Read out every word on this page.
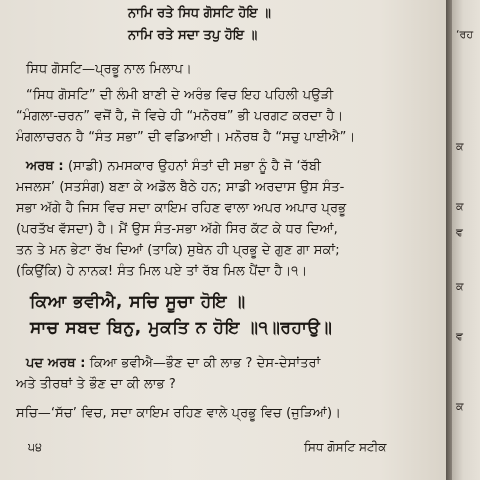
ਨਾਮਿ ਰਤੇ ਸਿਧ ਗੋਸਟਿ ਹੋਇ ॥
ਨਾਮਿ ਰਤੇ ਸਦਾ ਤਪੁ ਹੋਇ ॥
ਸਿਧ ਗੋਸਟਿ—ਪ੍ਰਭੂ ਨਾਲ ਮਿਲਾਪ।
“ਸਿਧ ਗੋਸਟਿ” ਦੀ ਲੰਮੀ ਬਾਣੀ ਦੇ ਅਰੰਭ ਵਿਚ ਇਹ ਪਹਿਲੀ ਪਉੜੀ
“ਮੰਗਲਾ-ਚਰਨ” ਵਜੋਂ ਹੈ, ਜੋ ਵਿਚੇ ਹੀ “ਮਨੋਰਥ” ਭੀ ਪਰਗਟ ਕਰਦਾ ਹੈ।
ਮੰਗਲਾਚਰਨ ਹੈ “ਸੰਤ ਸਭਾ” ਦੀ ਵਡਿਆਈ। ਮਨੋਰਥ ਹੈ “ਸਚੁ ਪਾਈਐ”।
ਅਰਥ : (ਸਾਡੀ) ਨਮਸਕਾਰ ਉਹਨਾਂ ਸੰਤਾਂ ਦੀ ਸਭਾ ਨੂੰ ਹੈ ਜੋ ‘ਰੱਬੀ
ਮਜਲਸ’ (ਸਤਸੰਗ) ਬਣਾ ਕੇ ਅਡੋਲ ਬੈਠੇ ਹਨ; ਸਾਡੀ ਅਰਦਾਸ ਉਸ ਸੰਤ-
ਸਭਾ ਅੱਗੇ ਹੈ ਜਿਸ ਵਿਚ ਸਦਾ ਕਾਇਮ ਰਹਿਣ ਵਾਲਾ ਅਪਰ ਅਪਾਰ ਪ੍ਰਭੂ
(ਪਰਤੱਖ ਵੱਸਦਾ) ਹੈ। ਮੈਂ ਉਸ ਸੰਤ-ਸਭਾ ਅੱਗੇ ਸਿਰ ਕੱਟ ਕੇ ਧਰ ਦਿਆਂ,
ਤਨ ਤੇ ਮਨ ਭੇਟਾ ਰੱਖ ਦਿਆਂ (ਤਾਕਿ) ਸੁਥੇਨ ਹੀ ਪ੍ਰਭੂ ਦੇ ਗੁਣ ਗਾ ਸਕਾਂ;
(ਕਿਉਂਕਿ) ਹੇ ਨਾਨਕ! ਸੰਤ ਮਿਲ ਪਏ ਤਾਂ ਰੱਬ ਮਿਲ ਪੈਂਦਾ ਹੈ।੧।
ਕਿਆ ਭਵੀਐ, ਸਚਿ ਸੂਚਾ ਹੋਇ ॥
ਸਾਚ ਸਬਦ ਬਿਨੁ, ਮੁਕਤਿ ਨ ਹੋਇ ॥੧॥ਰਹਾਉ॥
ਪਦ ਅਰਥ : ਕਿਆ ਭਵੀਐ—ਭੌਣ ਦਾ ਕੀ ਲਾਭ ? ਦੇਸ-ਦੇਸਾਂਤਰਾਂ
ਅਤੇ ਤੀਰਥਾਂ ਤੇ ਭੌਣ ਦਾ ਕੀ ਲਾਭ ?
ਸਚਿ—‘ਸੱਚ’ ਵਿਚ, ਸਦਾ ਕਾਇਮ ਰਹਿਣ ਵਾਲੇ ਪ੍ਰਭੂ ਵਿਚ (ਜੁੜਿਆਂ)।
੫੪	ਸਿਧ ਗੋਸਟਿ ਸਟੀਕ
‘ਰਹ
ਕ
ਕ
ਵ
ਕ
ਵ
ਕ
